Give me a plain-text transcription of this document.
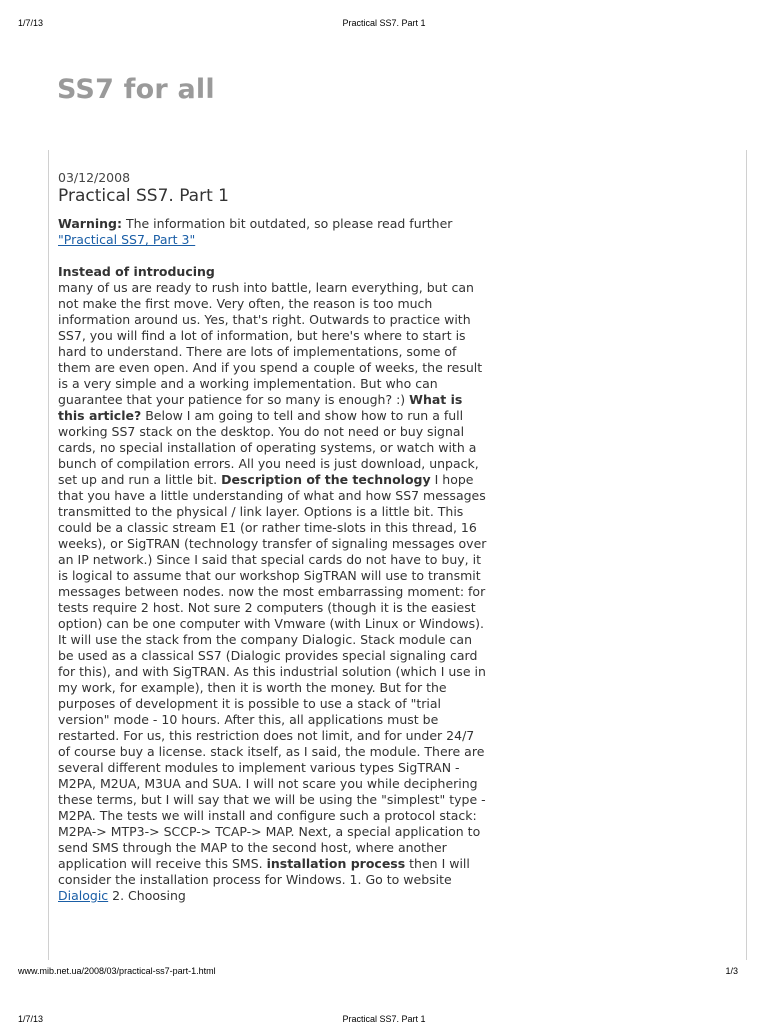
1/7/13	Practical SS7. Part 1
SS7 for all
03/12/2008
Practical SS7. Part 1

Warning: The information bit outdated, so please read further "Practical SS7, Part 3"

Instead of introducing

many of us are ready to rush into battle, learn everything, but can not make the first move. Very often, the reason is too much information around us. Yes, that's right. Outwards to practice with SS7, you will find a lot of information, but here's where to start is hard to understand. There are lots of implementations, some of them are even open. And if you spend a couple of weeks, the result is a very simple and a working implementation. But who can guarantee that your patience for so many is enough? :) What is this article? Below I am going to tell and show how to run a full working SS7 stack on the desktop. You do not need or buy signal cards, no special installation of operating systems, or watch with a bunch of compilation errors. All you need is just download, unpack, set up and run a little bit. Description of the technology I hope that you have a little understanding of what and how SS7 messages transmitted to the physical / link layer. Options is a little bit. This could be a classic stream E1 (or rather time-slots in this thread, 16 weeks), or SigTRAN (technology transfer of signaling messages over an IP network.) Since I said that special cards do not have to buy, it is logical to assume that our workshop SigTRAN will use to transmit messages between nodes. now the most embarrassing moment: for tests require 2 host. Not sure 2 computers (though it is the easiest option) can be one computer with Vmware (with Linux or Windows). It will use the stack from the company Dialogic. Stack module can be used as a classical SS7 (Dialogic provides special signaling card for this), and with SigTRAN. As this industrial solution (which I use in my work, for example), then it is worth the money. But for the purposes of development it is possible to use a stack of "trial version" mode - 10 hours. After this, all applications must be restarted. For us, this restriction does not limit, and for under 24/7 of course buy a license. stack itself, as I said, the module. There are several different modules to implement various types SigTRAN - M2PA, M2UA, M3UA and SUA. I will not scare you while deciphering these terms, but I will say that we will be using the "simplest" type - M2PA. The tests we will install and configure such a protocol stack: M2PA-> MTP3-> SCCP-> TCAP-> MAP. Next, a special application to send SMS through the MAP to the second host, where another application will receive this SMS. installation process then I will consider the installation process for Windows. 1. Go to website Dialogic 2. Choosing

www.mib.net.ua/2008/03/practical-ss7-part-1.html	1/3
1/7/13	Practical SS7. Part 1
